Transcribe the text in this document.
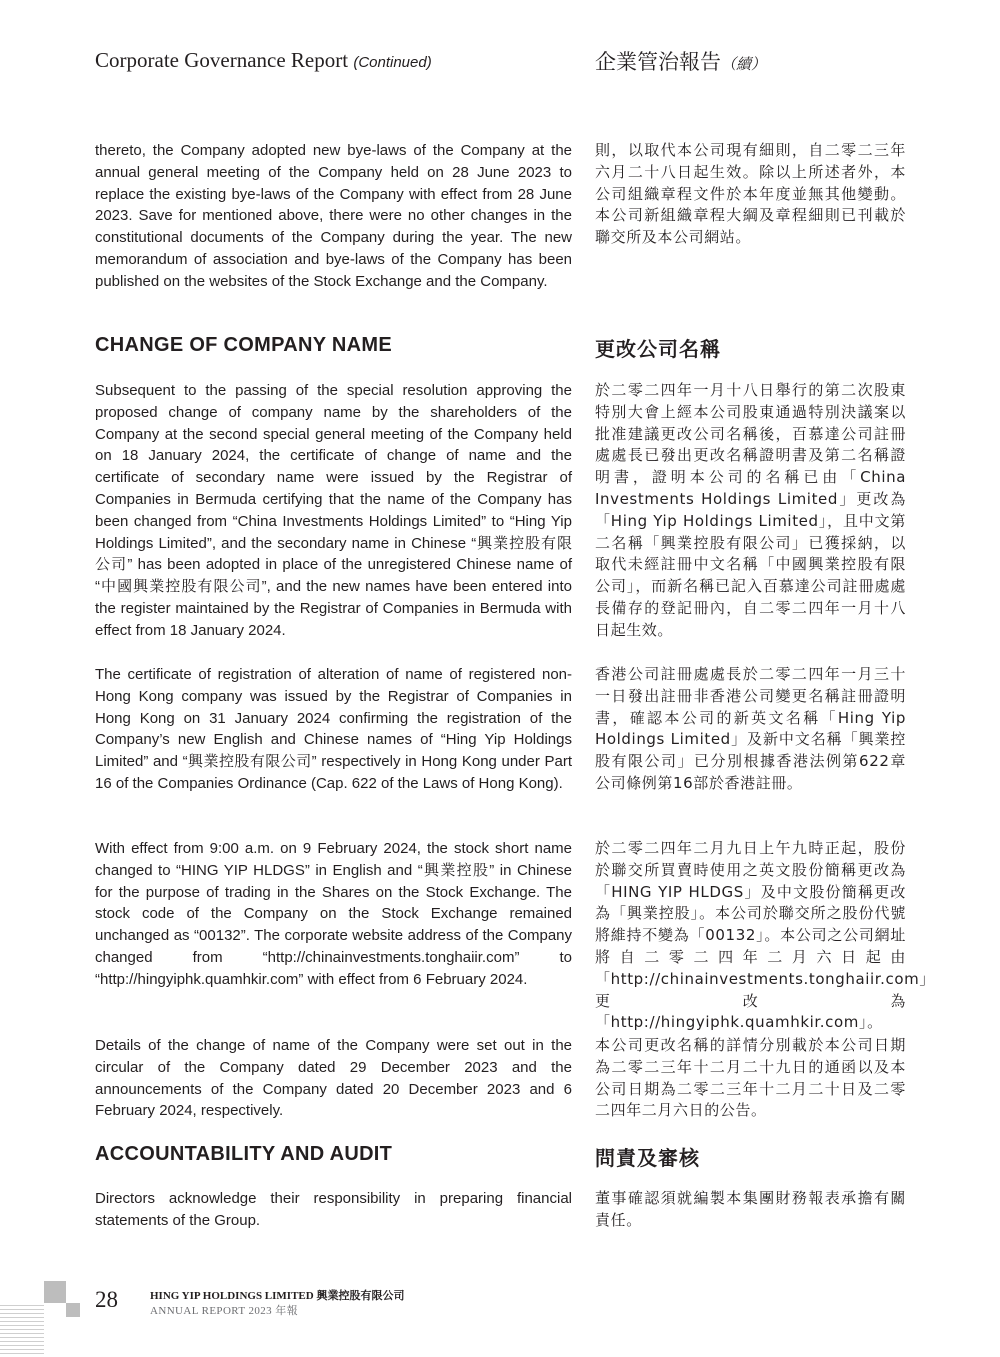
Corporate Governance Report (Continued)	企業管治報告（續）
thereto, the Company adopted new bye-laws of the Company at the annual general meeting of the Company held on 28 June 2023 to replace the existing bye-laws of the Company with effect from 28 June 2023. Save for mentioned above, there were no other changes in the constitutional documents of the Company during the year. The new memorandum of association and bye-laws of the Company has been published on the websites of the Stock Exchange and the Company.
則，以取代本公司現有細則，自二零二三年六月二十八日起生效。除以上所述者外，本公司組織章程文件於本年度並無其他變動。本公司新組織章程大綱及章程細則已刊載於聯交所及本公司網站。
CHANGE OF COMPANY NAME	更改公司名稱
Subsequent to the passing of the special resolution approving the proposed change of company name by the shareholders of the Company at the second special general meeting of the Company held on 18 January 2024, the certificate of change of name and the certificate of secondary name were issued by the Registrar of Companies in Bermuda certifying that the name of the Company has been changed from “China Investments Holdings Limited” to “Hing Yip Holdings Limited”, and the secondary name in Chinese “興業控股有限公司” has been adopted in place of the unregistered Chinese name of “中國興業控股有限公司”, and the new names have been entered into the register maintained by the Registrar of Companies in Bermuda with effect from 18 January 2024.
於二零二四年一月十八日舉行的第二次股東特別大會上經本公司股東通過特別決議案以批准建議更改公司名稱後，百慕達公司註冊處處長已發出更改名稱證明書及第二名稱證明書，證明本公司的名稱已由「China Investments Holdings Limited」更改為「Hing Yip Holdings Limited」，且中文第二名稱「興業控股有限公司」已獲採納，以取代未經註冊中文名稱「中國興業控股有限公司」，而新名稱已記入百慕達公司註冊處處長備存的登記冊內，自二零二四年一月十八日起生效。
The certificate of registration of alteration of name of registered non-Hong Kong company was issued by the Registrar of Companies in Hong Kong on 31 January 2024 confirming the registration of the Company’s new English and Chinese names of “Hing Yip Holdings Limited” and “興業控股有限公司” respectively in Hong Kong under Part 16 of the Companies Ordinance (Cap. 622 of the Laws of Hong Kong).
香港公司註冊處處長於二零二四年一月三十一日發出註冊非香港公司變更名稱註冊證明書，確認本公司的新英文名稱「Hing Yip Holdings Limited」及新中文名稱「興業控股有限公司」已分別根據香港法例第622章公司條例第16部於香港註冊。
With effect from 9:00 a.m. on 9 February 2024, the stock short name changed to “HING YIP HLDGS” in English and “興業控股” in Chinese for the purpose of trading in the Shares on the Stock Exchange. The stock code of the Company on the Stock Exchange remained unchanged as “00132”. The corporate website address of the Company changed from “http://chinainvestments.tonghaiir.com” to “http://hingyiphk.quamhkir.com” with effect from 6 February 2024.
於二零二四年二月九日上午九時正起，股份於聯交所買賣時使用之英文股份簡稱更改為「HING YIP HLDGS」及中文股份簡稱更改為「興業控股」。本公司於聯交所之股份代號將維持不變為「00132」。本公司之公司網址將自二零二四年二月六日起由「http://chinainvestments.tonghaiir.com」更改為「http://hingyiphk.quamhkir.com」。
Details of the change of name of the Company were set out in the circular of the Company dated 29 December 2023 and the announcements of the Company dated 20 December 2023 and 6 February 2024, respectively.
本公司更改名稱的詳情分別載於本公司日期為二零二三年十二月二十九日的通函以及本公司日期為二零二三年十二月二十日及二零二四年二月六日的公告。
ACCOUNTABILITY AND AUDIT	問責及審核
Directors acknowledge their responsibility in preparing financial statements of the Group.
董事確認須就編製本集團財務報表承擔有關責任。
28	HING YIP HOLDINGS LIMITED 興業控股有限公司
ANNUAL REPORT 2023 年報
